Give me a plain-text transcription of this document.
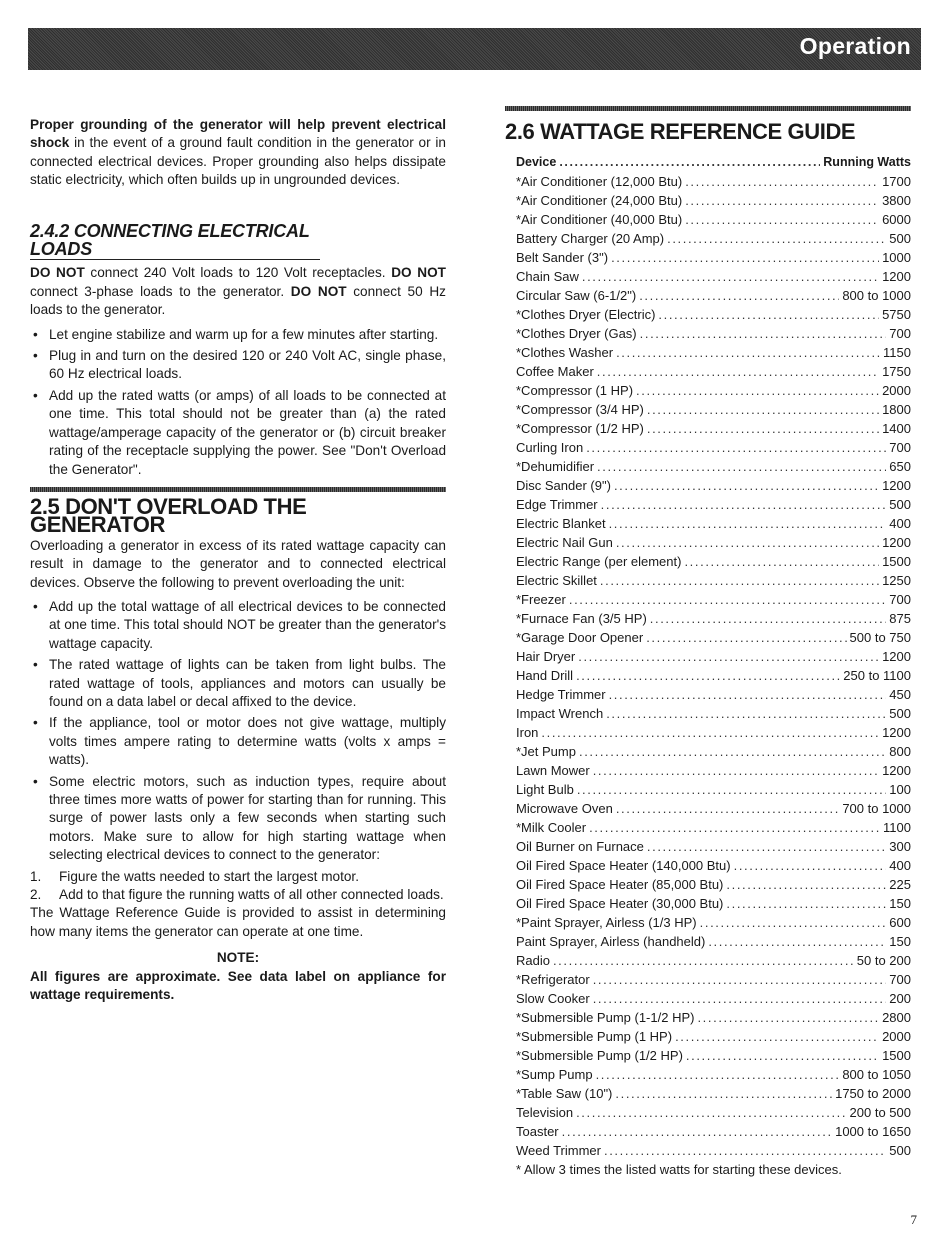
Operation

Proper grounding of the generator will help prevent electrical shock in the event of a ground fault condition in the generator or in connected electrical devices. Proper grounding also helps dissipate static electricity, which often builds up in ungrounded devices.

2.4.2 CONNECTING ELECTRICAL LOADS

DO NOT connect 240 Volt loads to 120 Volt receptacles. DO NOT connect 3-phase loads to the generator. DO NOT connect 50 Hz loads to the generator.

• Let engine stabilize and warm up for a few minutes after starting.
• Plug in and turn on the desired 120 or 240 Volt AC, single phase, 60 Hz electrical loads.
• Add up the rated watts (or amps) of all loads to be connected at one time. This total should not be greater than (a) the rated wattage/amperage capacity of the generator or (b) circuit breaker rating of the receptacle supplying the power. See "Don't Overload the Generator".
2.5 DON'T OVERLOAD THE GENERATOR

Overloading a generator in excess of its rated wattage capacity can result in damage to the generator and to connected electrical devices. Observe the following to prevent overloading the unit:

• Add up the total wattage of all electrical devices to be connected at one time. This total should NOT be greater than the generator's wattage capacity.
• The rated wattage of lights can be taken from light bulbs. The rated wattage of tools, appliances and motors can usually be found on a data label or decal affixed to the device.
• If the appliance, tool or motor does not give wattage, multiply volts times ampere rating to determine watts (volts x amps = watts).
• Some electric motors, such as induction types, require about three times more watts of power for starting than for running. This surge of power lasts only a few seconds when starting such motors. Make sure to allow for high starting wattage when selecting electrical devices to connect to the generator:
1. Figure the watts needed to start the largest motor.
2. Add to that figure the running watts of all other connected loads.

The Wattage Reference Guide is provided to assist in determining how many items the generator can operate at one time.

NOTE:

All figures are approximate. See data label on appliance for wattage requirements.

2.6 WATTAGE REFERENCE GUIDE
Device .....	Running Watts
*Air Conditioner (12,000 Btu) .....	1700
*Air Conditioner (24,000 Btu) .....	3800
*Air Conditioner (40,000 Btu) .....	6000
Battery Charger (20 Amp) .....	500
Belt Sander (3") .....	1000
Chain Saw .....	1200
Circular Saw (6-1/2") .....	800 to 1000
*Clothes Dryer (Electric) .....	5750
*Clothes Dryer (Gas) .....	700
*Clothes Washer .....	1150
Coffee Maker .....	1750
*Compressor (1 HP) .....	2000
*Compressor (3/4 HP) .....	1800
*Compressor (1/2 HP) .....	1400
Curling Iron .....	700
*Dehumidifier .....	650
Disc Sander (9") .....	1200
Edge Trimmer .....	500
Electric Blanket .....	400
Electric Nail Gun .....	1200
Electric Range (per element) .....	1500
Electric Skillet .....	1250
*Freezer .....	700
*Furnace Fan (3/5 HP) .....	875
*Garage Door Opener .....	500 to 750
Hair Dryer .....	1200
Hand Drill .....	250 to 1100
Hedge Trimmer .....	450
Impact Wrench .....	500
Iron .....	1200
*Jet Pump .....	800
Lawn Mower .....	1200
Light Bulb .....	100
Microwave Oven .....	700 to 1000
*Milk Cooler .....	1100
Oil Burner on Furnace .....	300
Oil Fired Space Heater (140,000 Btu) .....	400
Oil Fired Space Heater (85,000 Btu) .....	225
Oil Fired Space Heater (30,000 Btu) .....	150
*Paint Sprayer, Airless (1/3 HP) .....	600
Paint Sprayer, Airless (handheld) .....	150
Radio .....	50 to 200
*Refrigerator .....	700
Slow Cooker .....	200
*Submersible Pump (1-1/2 HP) .....	2800
*Submersible Pump (1 HP) .....	2000
*Submersible Pump (1/2 HP) .....	1500
*Sump Pump .....	800 to 1050
*Table Saw (10") .....	1750 to 2000
Television .....	200 to 500
Toaster .....	1000 to 1650
Weed Trimmer .....	500
* Allow 3 times the listed watts for starting these devices.
7
